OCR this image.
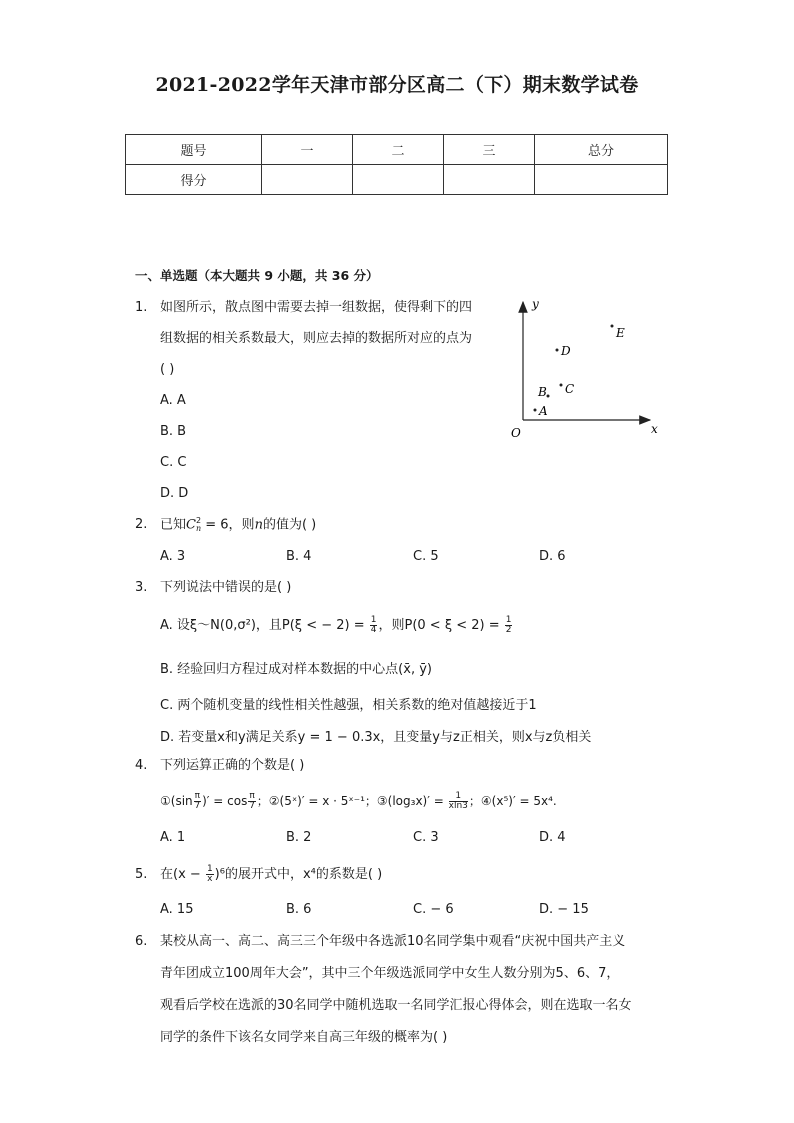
2021-2022学年天津市部分区高二（下）期末数学试卷
题号	一	二	三	总分
得分				
一、单选题（本大题共 9 小题，共 36 分）
1. 如图所示，散点图中需要去掉一组数据，使得剩下的四
组数据的相关系数最大，则应去掉的数据所对应的点为
( )
A. A
B. B
C. C
D. D
y
x
O
A
B C
D
E
2. 已知C 2
n = 6，则n的值为( )
A. 3	B. 4	C. 5	D. 6
3. 下列说法中错误的是( )
A. 设ξ～N(0,σ²)，且P(ξ < − $2) = \frac{1}{4}$ ，则$P(0 < \xi < 2) = \frac{1}{2}$
B. 经验回归方程过成对样本数据的中心点(x̄, ȳ)
C. 两个随机变量的线性相关性越强，相关系数的绝对值越接近于1
D. 若变量x和y满足关系y = 1 − 0.3x，且变量y与z正相关，则x与z负相关
4. 下列运算正确的个数是( )
①(sin $\frac{\pi}{7}$ )′ = $\cos \frac{\pi}{7}$ ；②(5ˣ)′ = x · 5ˣ⁻¹；③(log₃x)′ = $\frac{1}{xln3}$ ；④(x⁵)′ = 5x⁴.
A. 1	B. 2	C. 3	D. 4
5. 在$(x - \frac{1}{x} )^6$的展开式中，x⁴的系数是( )
A. 15	B. 6	C. − 6	D. − 15
6. 某校从高一、高二、高三三个年级中各选派10名同学集中观看“庆祝中国共产主义
青年团成立100周年大会”，其中三个年级选派同学中女生人数分别为5、6、7，
观看后学校在选派的30名同学中随机选取一名同学汇报心得体会，则在选取一名女
同学的条件下该名女同学来自高三年级的概率为( )
